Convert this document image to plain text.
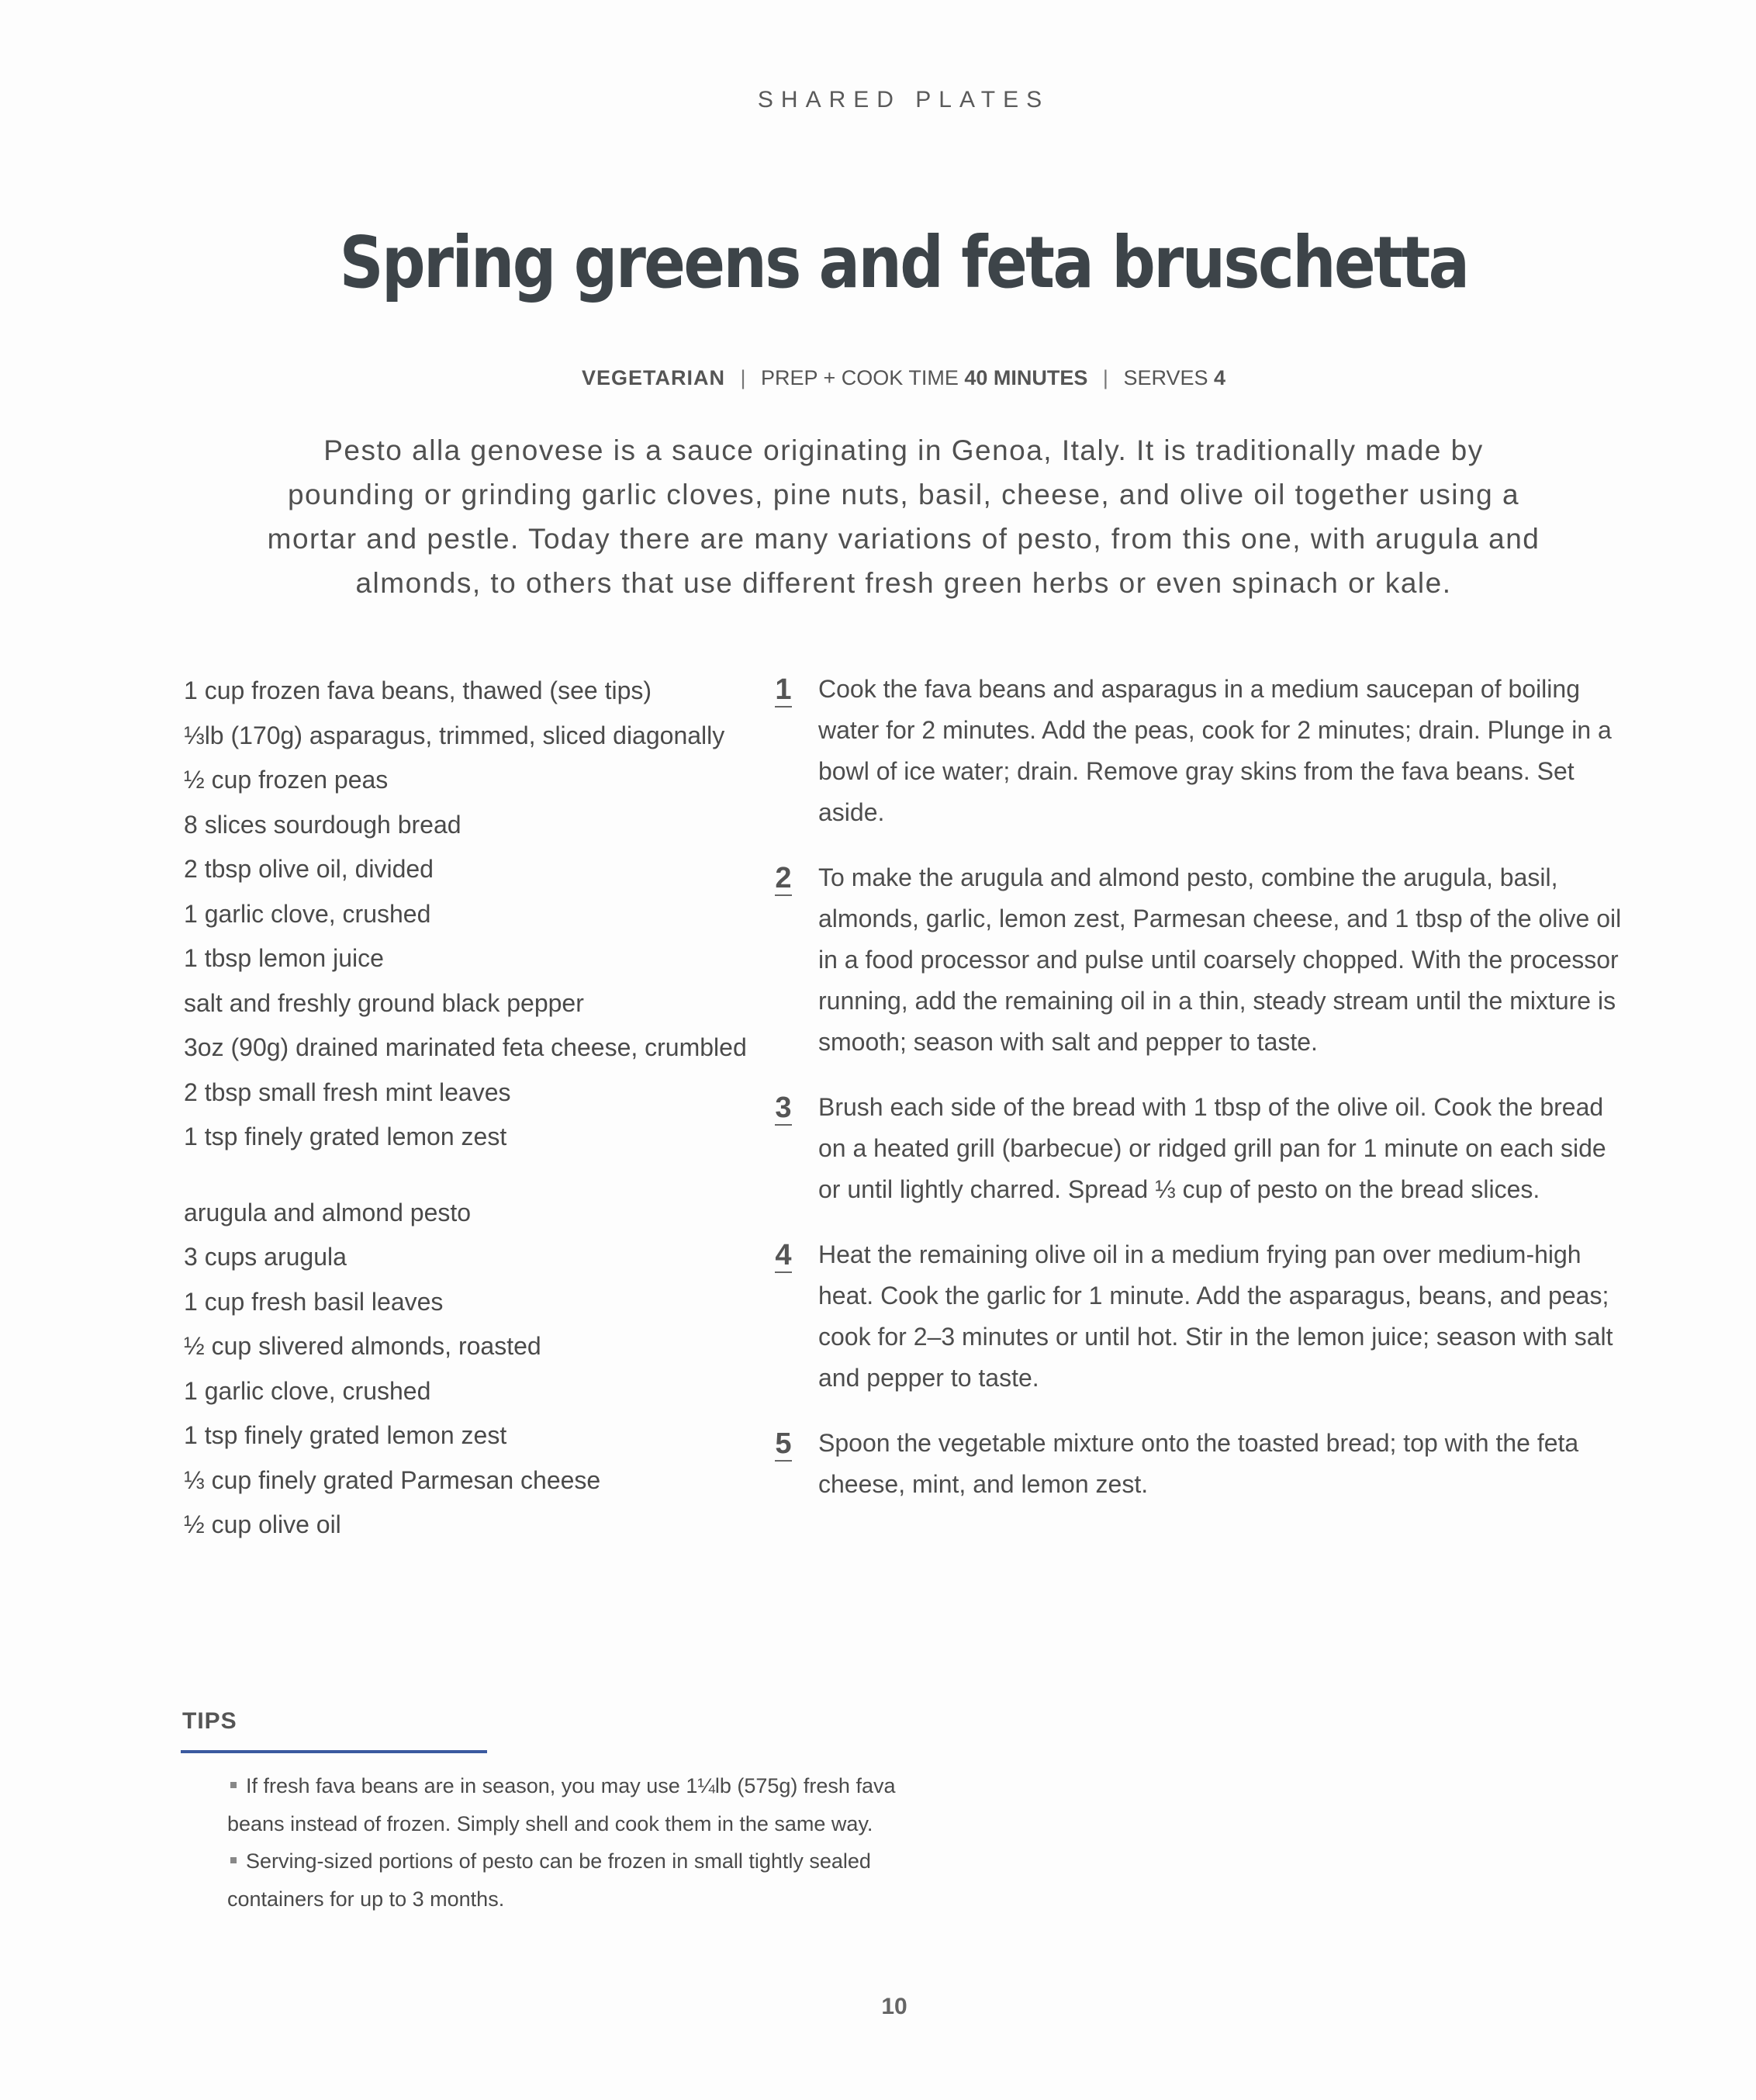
SHARED PLATES
Spring greens and feta bruschetta
VEGETARIAN | PREP + COOK TIME 40 MINUTES | SERVES 4
Pesto alla genovese is a sauce originating in Genoa, Italy. It is traditionally made by pounding or grinding garlic cloves, pine nuts, basil, cheese, and olive oil together using a mortar and pestle. Today there are many variations of pesto, from this one, with arugula and almonds, to others that use different fresh green herbs or even spinach or kale.
1 cup frozen fava beans, thawed (see tips)
⅓lb (170g) asparagus, trimmed, sliced diagonally
½ cup frozen peas
8 slices sourdough bread
2 tbsp olive oil, divided
1 garlic clove, crushed
1 tbsp lemon juice
salt and freshly ground black pepper
3oz (90g) drained marinated feta cheese, crumbled
2 tbsp small fresh mint leaves
1 tsp finely grated lemon zest
arugula and almond pesto
3 cups arugula
1 cup fresh basil leaves
½ cup slivered almonds, roasted
1 garlic clove, crushed
1 tsp finely grated lemon zest
⅓ cup finely grated Parmesan cheese
½ cup olive oil
1 Cook the fava beans and asparagus in a medium saucepan of boiling water for 2 minutes. Add the peas, cook for 2 minutes; drain. Plunge in a bowl of ice water; drain. Remove gray skins from the fava beans. Set aside.
2 To make the arugula and almond pesto, combine the arugula, basil, almonds, garlic, lemon zest, Parmesan cheese, and 1 tbsp of the olive oil in a food processor and pulse until coarsely chopped. With the processor running, add the remaining oil in a thin, steady stream until the mixture is smooth; season with salt and pepper to taste.
3 Brush each side of the bread with 1 tbsp of the olive oil. Cook the bread on a heated grill (barbecue) or ridged grill pan for 1 minute on each side or until lightly charred. Spread ⅓ cup of pesto on the bread slices.
4 Heat the remaining olive oil in a medium frying pan over medium-high heat. Cook the garlic for 1 minute. Add the asparagus, beans, and peas; cook for 2–3 minutes or until hot. Stir in the lemon juice; season with salt and pepper to taste.
5 Spoon the vegetable mixture onto the toasted bread; top with the feta cheese, mint, and lemon zest.
TIPS

If fresh fava beans are in season, you may use 1¼lb (575g) fresh fava beans instead of frozen. Simply shell and cook them in the same way.

Serving-sized portions of pesto can be frozen in small tightly sealed containers for up to 3 months.

10
